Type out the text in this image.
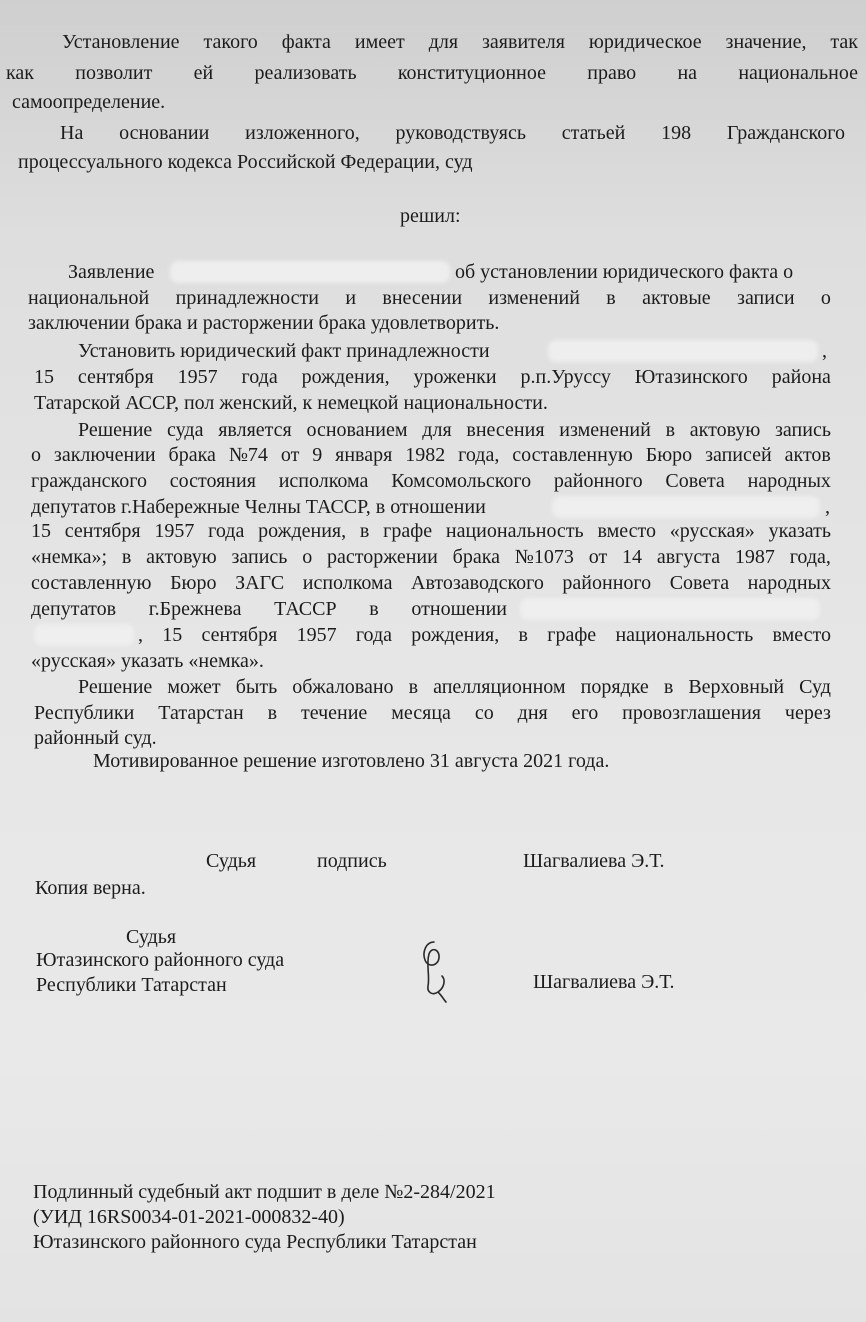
Установление такого факта имеет для заявителя юридическое значение, так
как позволит ей реализовать конституционное право на национальное
самоопределение.
На основании изложенного, руководствуясь статьей 198 Гражданского
процессуального кодекса Российской Федерации, суд
решил:
Заявление	об установлении юридического факта о
национальной принадлежности и внесении изменений в актовые записи о
заключении брака и расторжении брака удовлетворить.
Установить юридический факт принадлежности	,
15 сентября 1957 года рождения, уроженки р.п.Уруссу Ютазинского района
Татарской АССР, пол женский, к немецкой национальности.
Решение суда является основанием для внесения изменений в актовую запись
о заключении брака №74 от 9 января 1982 года, составленную Бюро записей актов
гражданского состояния исполкома Комсомольского районного Совета народных
депутатов г.Набережные Челны ТАССР, в отношении	,
15 сентября 1957 года рождения, в графе национальность вместо «русская» указать
«немка»; в актовую запись о расторжении брака №1073 от 14 августа 1987 года,
составленную Бюро ЗАГС исполкома Автозаводского районного Совета народных
депутатов г.Брежнева ТАССР в отношении
, 15 сентября 1957 года рождения, в графе национальность вместо
«русская» указать «немка».
Решение может быть обжаловано в апелляционном порядке в Верховный Суд
Республики Татарстан в течение месяца со дня его провозглашения через
районный суд.
Мотивированное решение изготовлено 31 августа 2021 года.
Судья	подпись	Шагвалиева Э.Т.
Копия верна.
Судья
Ютазинского районного суда
Республики Татарстан	Шагвалиева Э.Т.
Подлинный судебный акт подшит в деле №2-284/2021
(УИД 16RS0034-01-2021-000832-40)
Ютазинского районного суда Республики Татарстан
